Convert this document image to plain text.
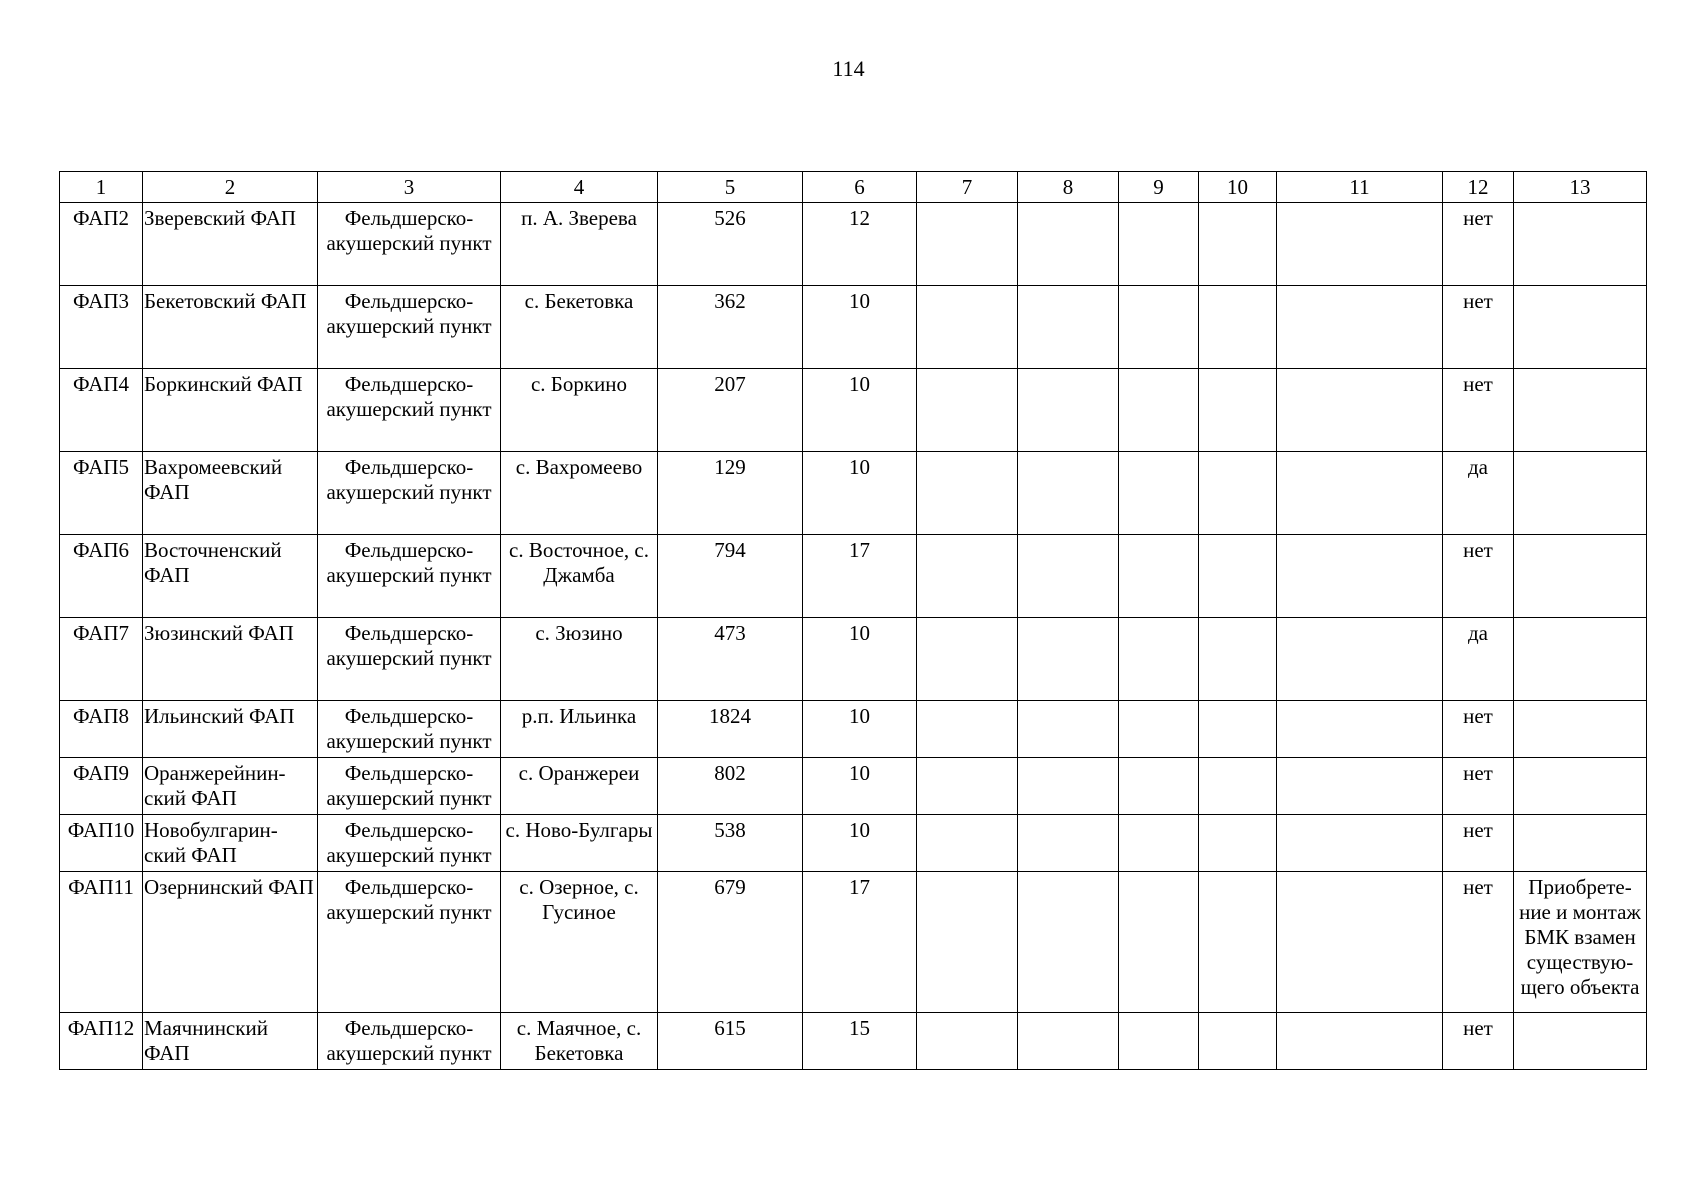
114
1	2	3	4	5	6	7	8	9	10	11	12	13

ФАП2	Зверевский ФАП	Фельдшерско-акушерский пункт	п. А. Зверева	526	12						нет	

ФАП3	Бекетовский ФАП	Фельдшерско-акушерский пункт	с. Бекетовка	362	10						нет	

ФАП4	Боркинский ФАП	Фельдшерско-акушерский пункт	с. Боркино	207	10						нет	

ФАП5	Вахромеевский ФАП	Фельдшерско-акушерский пункт	с. Вахромеево	129	10						да	

ФАП6	Восточненский ФАП	Фельдшерско-акушерский пункт	с. Восточное, с. Джамба	794	17						нет	

ФАП7	Зюзинский ФАП	Фельдшерско-акушерский пункт	с. Зюзино	473	10						да	

ФАП8	Ильинский ФАП	Фельдшерско-акушерский пункт	р.п. Ильинка	1824	10						нет	

ФАП9	Оранжерейнин-ский ФАП	Фельдшерско-акушерский пункт	с. Оранжереи	802	10						нет	

ФАП10	Новобулгарин-ский ФАП	Фельдшерско-акушерский пункт	с. Ново-Булгары	538	10						нет	

ФАП11	Озернинский ФАП	Фельдшерско-акушерский пункт	с. Озерное, с. Гусиное	679	17						нет	Приобрете-ние и монтаж БМК взамен существую-щего объекта

ФАП12	Маячнинский ФАП	Фельдшерско-акушерский пункт	с. Маячное, с. Бекетовка	615	15						нет	
